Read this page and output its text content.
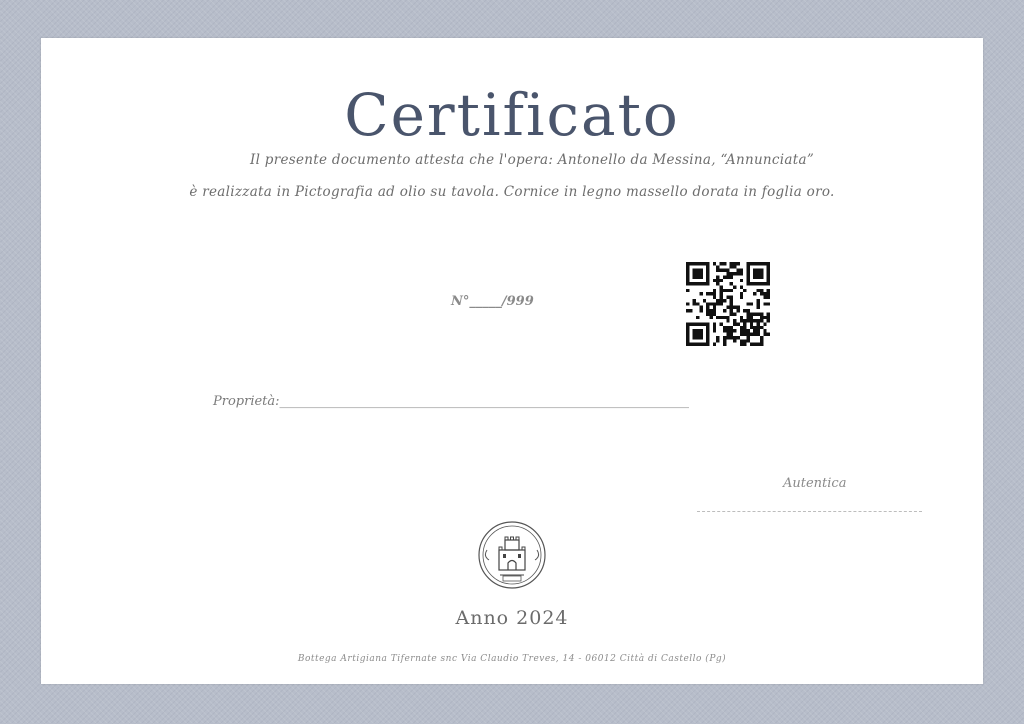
Certificato
Il presente documento attesta che l'opera: Antonello da Messina, “Annunciata”
è realizzata in Pictografia ad olio su tavola. Cornice in legno massello dorata in foglia oro.
N°_____/999
Proprietà:_______________________________________________________________
Autentica
Anno 2024
Bottega Artigiana Tifernate snc Via Claudio Treves, 14 - 06012 Città di Castello (Pg)
